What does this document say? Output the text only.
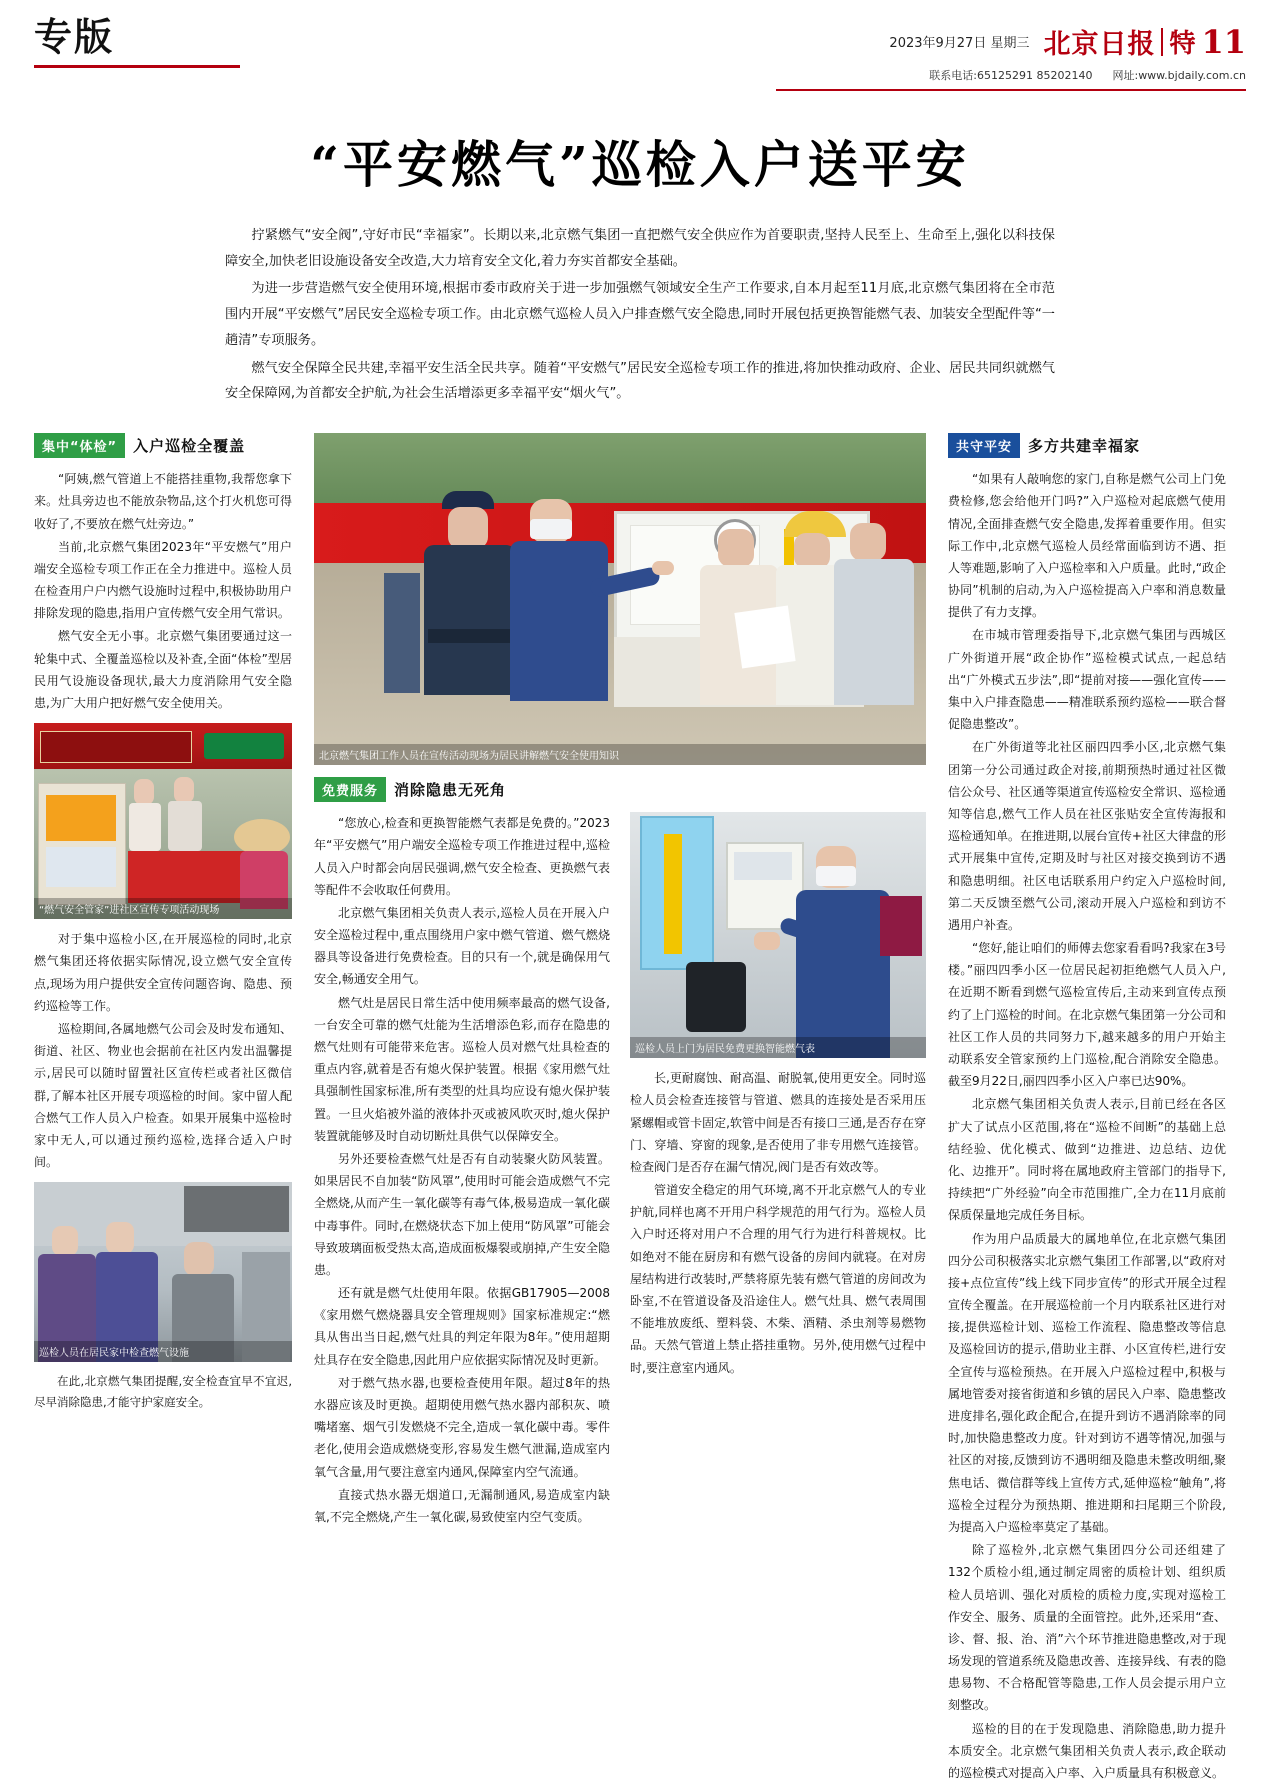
专版	2023年9月27日 星期三 北京日报 特 11
联系电话:65125291 85202140 网址:www.bjdaily.com.cn
“平安燃气”巡检入户送平安

拧紧燃气“安全阀”,守好市民“幸福家”。长期以来,北京燃气集团一直把燃气安全供应作为首要职责,坚持人民至上、生命至上,强化以科技保障安全,加快老旧设施设备安全改造,大力培育安全文化,着力夯实首都安全基础。

为进一步营造燃气安全使用环境,根据市委市政府关于进一步加强燃气领域安全生产工作要求,自本月起至11月底,北京燃气集团将在全市范围内开展“平安燃气”居民安全巡检专项工作。由北京燃气巡检人员入户排查燃气安全隐患,同时开展包括更换智能燃气表、加装安全型配件等“一趟清”专项服务。

燃气安全保障全民共建,幸福平安生活全民共享。随着“平安燃气”居民安全巡检专项工作的推进,将加快推动政府、企业、居民共同织就燃气安全保障网,为首都安全护航,为社会生活增添更多幸福平安“烟火气”。

集中“体检”	入户巡检全覆盖

“阿姨,燃气管道上不能搭挂重物,我帮您拿下来。灶具旁边也不能放杂物品,这个打火机您可得收好了,不要放在燃气灶旁边。”

当前,北京燃气集团2023年“平安燃气”用户端安全巡检专项工作正在全力推进中。巡检人员在检查用户户内燃气设施时过程中,积极协助用户排除发现的隐患,指用户宣传燃气安全用气常识。

燃气安全无小事。北京燃气集团要通过这一轮集中式、全覆盖巡检以及补查,全面“体检”型居民用气设施设备现状,最大力度消除用气安全隐患,为广大用户把好燃气安全使用关。

“燃气安全管家”进社区宣传专项活动现场

对于集中巡检小区,在开展巡检的同时,北京燃气集团还将依据实际情况,设立燃气安全宣传点,现场为用户提供安全宣传问题咨询、隐患、预约巡检等工作。

巡检期间,各属地燃气公司会及时发布通知、街道、社区、物业也会据前在社区内发出温馨提示,居民可以随时留置社区宣传栏或者社区微信群,了解本社区开展专项巡检的时间。家中留人配合燃气工作人员入户检查。如果开展集中巡检时家中无人,可以通过预约巡检,选择合适入户时间。

巡检人员在居民家中检查燃气设施

在此,北京燃气集团提醒,安全检查宜早不宜迟,尽早消除隐患,才能守护家庭安全。

北京燃气集团工作人员在宣传活动现场为居民讲解燃气安全使用知识
免费服务	消除隐患无死角

“您放心,检查和更换智能燃气表都是免费的。”2023年“平安燃气”用户端安全巡检专项工作推进过程中,巡检人员入户时都会向居民强调,燃气安全检查、更换燃气表等配件不会收取任何费用。

北京燃气集团相关负责人表示,巡检人员在开展入户安全巡检过程中,重点围绕用户家中燃气管道、燃气燃烧器具等设备进行免费检查。目的只有一个,就是确保用气安全,畅通安全用气。

燃气灶是居民日常生活中使用频率最高的燃气设备,一台安全可靠的燃气灶能为生活增添色彩,而存在隐患的燃气灶则有可能带来危害。巡检人员对燃气灶具检查的重点内容,就着是否有熄火保护装置。根据《家用燃气灶具强制性国家标准,所有类型的灶具均应设有熄火保护装置。一旦火焰被外溢的液体扑灭或被风吹灭时,熄火保护装置就能够及时自动切断灶具供气以保障安全。

另外还要检查燃气灶是否有自动装聚火防风装置。如果居民不自加装“防风罩”,使用时可能会造成燃气不完全燃烧,从而产生一氧化碳等有毒气体,极易造成一氧化碳中毒事件。同时,在燃烧状态下加上使用“防风罩”可能会导致玻璃面板受热太高,造成面板爆裂或崩掉,产生安全隐患。

还有就是燃气灶使用年限。依据GB17905—2008《家用燃气燃烧器具安全管理规则》国家标准规定:“燃具从售出当日起,燃气灶具的判定年限为8年。”使用超期灶具存在安全隐患,因此用户应依据实际情况及时更新。

对于燃气热水器,也要检查使用年限。超过8年的热水器应该及时更换。超期使用燃气热水器内部积灰、喷嘴堵塞、烟气引发燃烧不完全,造成一氧化碳中毒。零件老化,使用会造成燃烧变形,容易发生燃气泄漏,造成室内氧气含量,用气要注意室内通风,保障室内空气流通。

直接式热水器无烟道口,无漏制通风,易造成室内缺氧,不完全燃烧,产生一氧化碳,易致使室内空气变质。

巡检人员上门为居民免费更换智能燃气表

长,更耐腐蚀、耐高温、耐脱氧,使用更安全。同时巡检人员会检查连接管与管道、燃具的连接处是否采用压紧螺帽或管卡固定,软管中间是否有接口三通,是否存在穿门、穿墙、穿窗的现象,是否使用了非专用燃气连接管。检查阀门是否存在漏气情况,阀门是否有效改等。

管道安全稳定的用气环境,离不开北京燃气人的专业护航,同样也离不开用户科学规范的用气行为。巡检人员入户时还将对用户不合理的用气行为进行科普规权。比如绝对不能在厨房和有燃气设备的房间内就寝。在对房屋结构进行改装时,严禁将原先装有燃气管道的房间改为卧室,不在管道设备及沿途住人。燃气灶具、燃气表周围不能堆放废纸、塑料袋、木柴、酒精、杀虫剂等易燃物品。天然气管道上禁止搭挂重物。另外,使用燃气过程中时,要注意室内通风。

共守平安	多方共建幸福家

“如果有人敲响您的家门,自称是燃气公司上门免费检修,您会给他开门吗?”入户巡检对起底燃气使用情况,全面排查燃气安全隐患,发挥着重要作用。但实际工作中,北京燃气巡检人员经常面临到访不遇、拒人等难题,影响了入户巡检率和入户质量。此时,“政企协同”机制的启动,为入户巡检提高入户率和消息数量提供了有力支撑。

在市城市管理委指导下,北京燃气集团与西城区广外街道开展“政企协作”巡检模式试点,一起总结出“广外模式五步法”,即“提前对接——强化宣传——集中入户排查隐患——精准联系预约巡检——联合督促隐患整改”。

在广外街道等北社区丽四四季小区,北京燃气集团第一分公司通过政企对接,前期预热时通过社区微信公众号、社区通等渠道宣传巡检安全常识、巡检通知等信息,燃气工作人员在社区张贴安全宣传海报和巡检通知单。在推进期,以展台宣传+社区大律盘的形式开展集中宣传,定期及时与社区对接交换到访不遇和隐患明细。社区电话联系用户约定入户巡检时间,第二天反馈至燃气公司,滚动开展入户巡检和到访不遇用户补查。

“您好,能让咱们的师傅去您家看看吗?我家在3号楼。”丽四四季小区一位居民起初拒绝燃气人员入户,在近期不断看到燃气巡检宣传后,主动来到宣传点预约了上门巡检的时间。在北京燃气集团第一分公司和社区工作人员的共同努力下,越来越多的用户开始主动联系安全管家预约上门巡检,配合消除安全隐患。截至9月22日,丽四四季小区入户率已达90%。

北京燃气集团相关负责人表示,目前已经在各区扩大了试点小区范围,将在“巡检不间断”的基础上总结经验、优化模式、做到“边推进、边总结、边优化、边推开”。同时将在属地政府主管部门的指导下,持续把“广外经验”向全市范围推广,全力在11月底前保质保量地完成任务目标。

作为用户品质最大的属地单位,在北京燃气集团四分公司积极落实北京燃气集团工作部署,以“政府对接+点位宣传”线上线下同步宣传”的形式开展全过程宣传全覆盖。在开展巡检前一个月内联系社区进行对接,提供巡检计划、巡检工作流程、隐患整改等信息及巡检回访的提示,借助业主群、小区宣传栏,进行安全宣传与巡检预热。在开展入户巡检过程中,积极与属地管委对接省街道和乡镇的居民入户率、隐患整改进度排名,强化政企配合,在提升到访不遇消除率的同时,加快隐患整改力度。针对到访不遇等情况,加强与社区的对接,反馈到访不遇明细及隐患未整改明细,聚焦电话、微信群等线上宣传方式,延伸巡检“触角”,将巡检全过程分为预热期、推进期和扫尾期三个阶段,为提高入户巡检率莫定了基础。

除了巡检外,北京燃气集团四分公司还组建了132个质检小组,通过制定周密的质检计划、组织质检人员培训、强化对质检的质检力度,实现对巡检工作安全、服务、质量的全面管控。此外,还采用“查、诊、督、报、治、消”六个环节推进隐患整改,对于现场发现的管道系统及隐患改善、连接异线、有表的隐患易物、不合格配管等隐患,工作人员会提示用户立刻整改。

巡检的目的在于发现隐患、消除隐患,助力提升本质安全。北京燃气集团相关负责人表示,政企联动的巡检模式对提高入户率、入户质量具有积极意义。
